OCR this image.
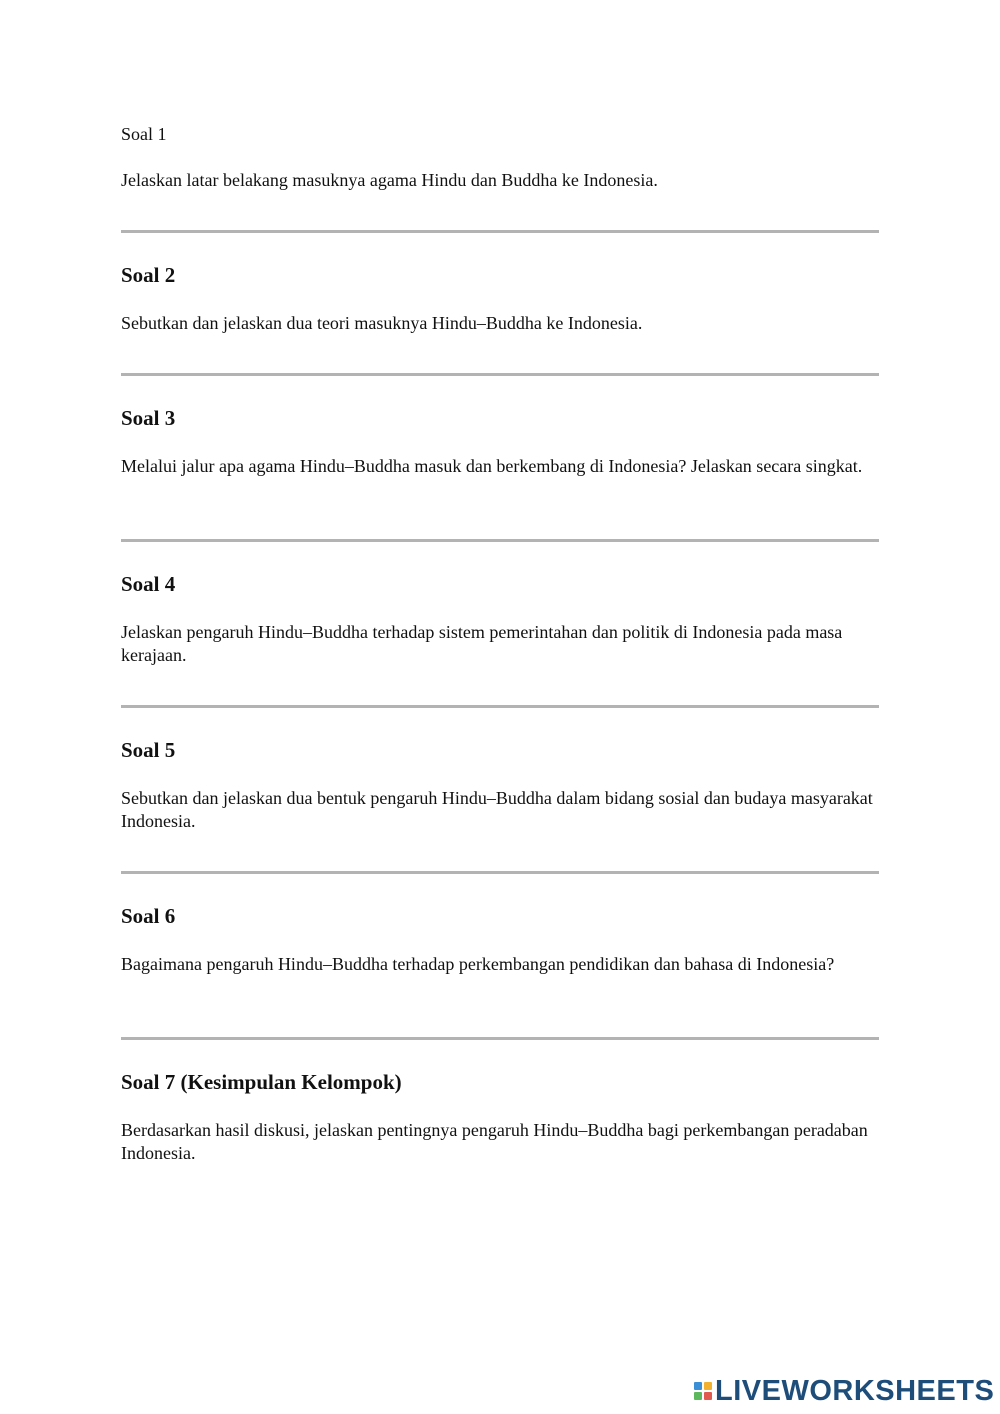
Soal 1

Jelaskan latar belakang masuknya agama Hindu dan Buddha ke Indonesia.

Soal 2

Sebutkan dan jelaskan dua teori masuknya Hindu–Buddha ke Indonesia.

Soal 3

Melalui jalur apa agama Hindu–Buddha masuk dan berkembang di Indonesia? Jelaskan secara singkat.

Soal 4

Jelaskan pengaruh Hindu–Buddha terhadap sistem pemerintahan dan politik di Indonesia pada masa kerajaan.

Soal 5

Sebutkan dan jelaskan dua bentuk pengaruh Hindu–Buddha dalam bidang sosial dan budaya masyarakat Indonesia.

Soal 6

Bagaimana pengaruh Hindu–Buddha terhadap perkembangan pendidikan dan bahasa di Indonesia?

Soal 7 (Kesimpulan Kelompok)

Berdasarkan hasil diskusi, jelaskan pentingnya pengaruh Hindu–Buddha bagi perkembangan peradaban Indonesia.

LIVEWORKSHEETS
